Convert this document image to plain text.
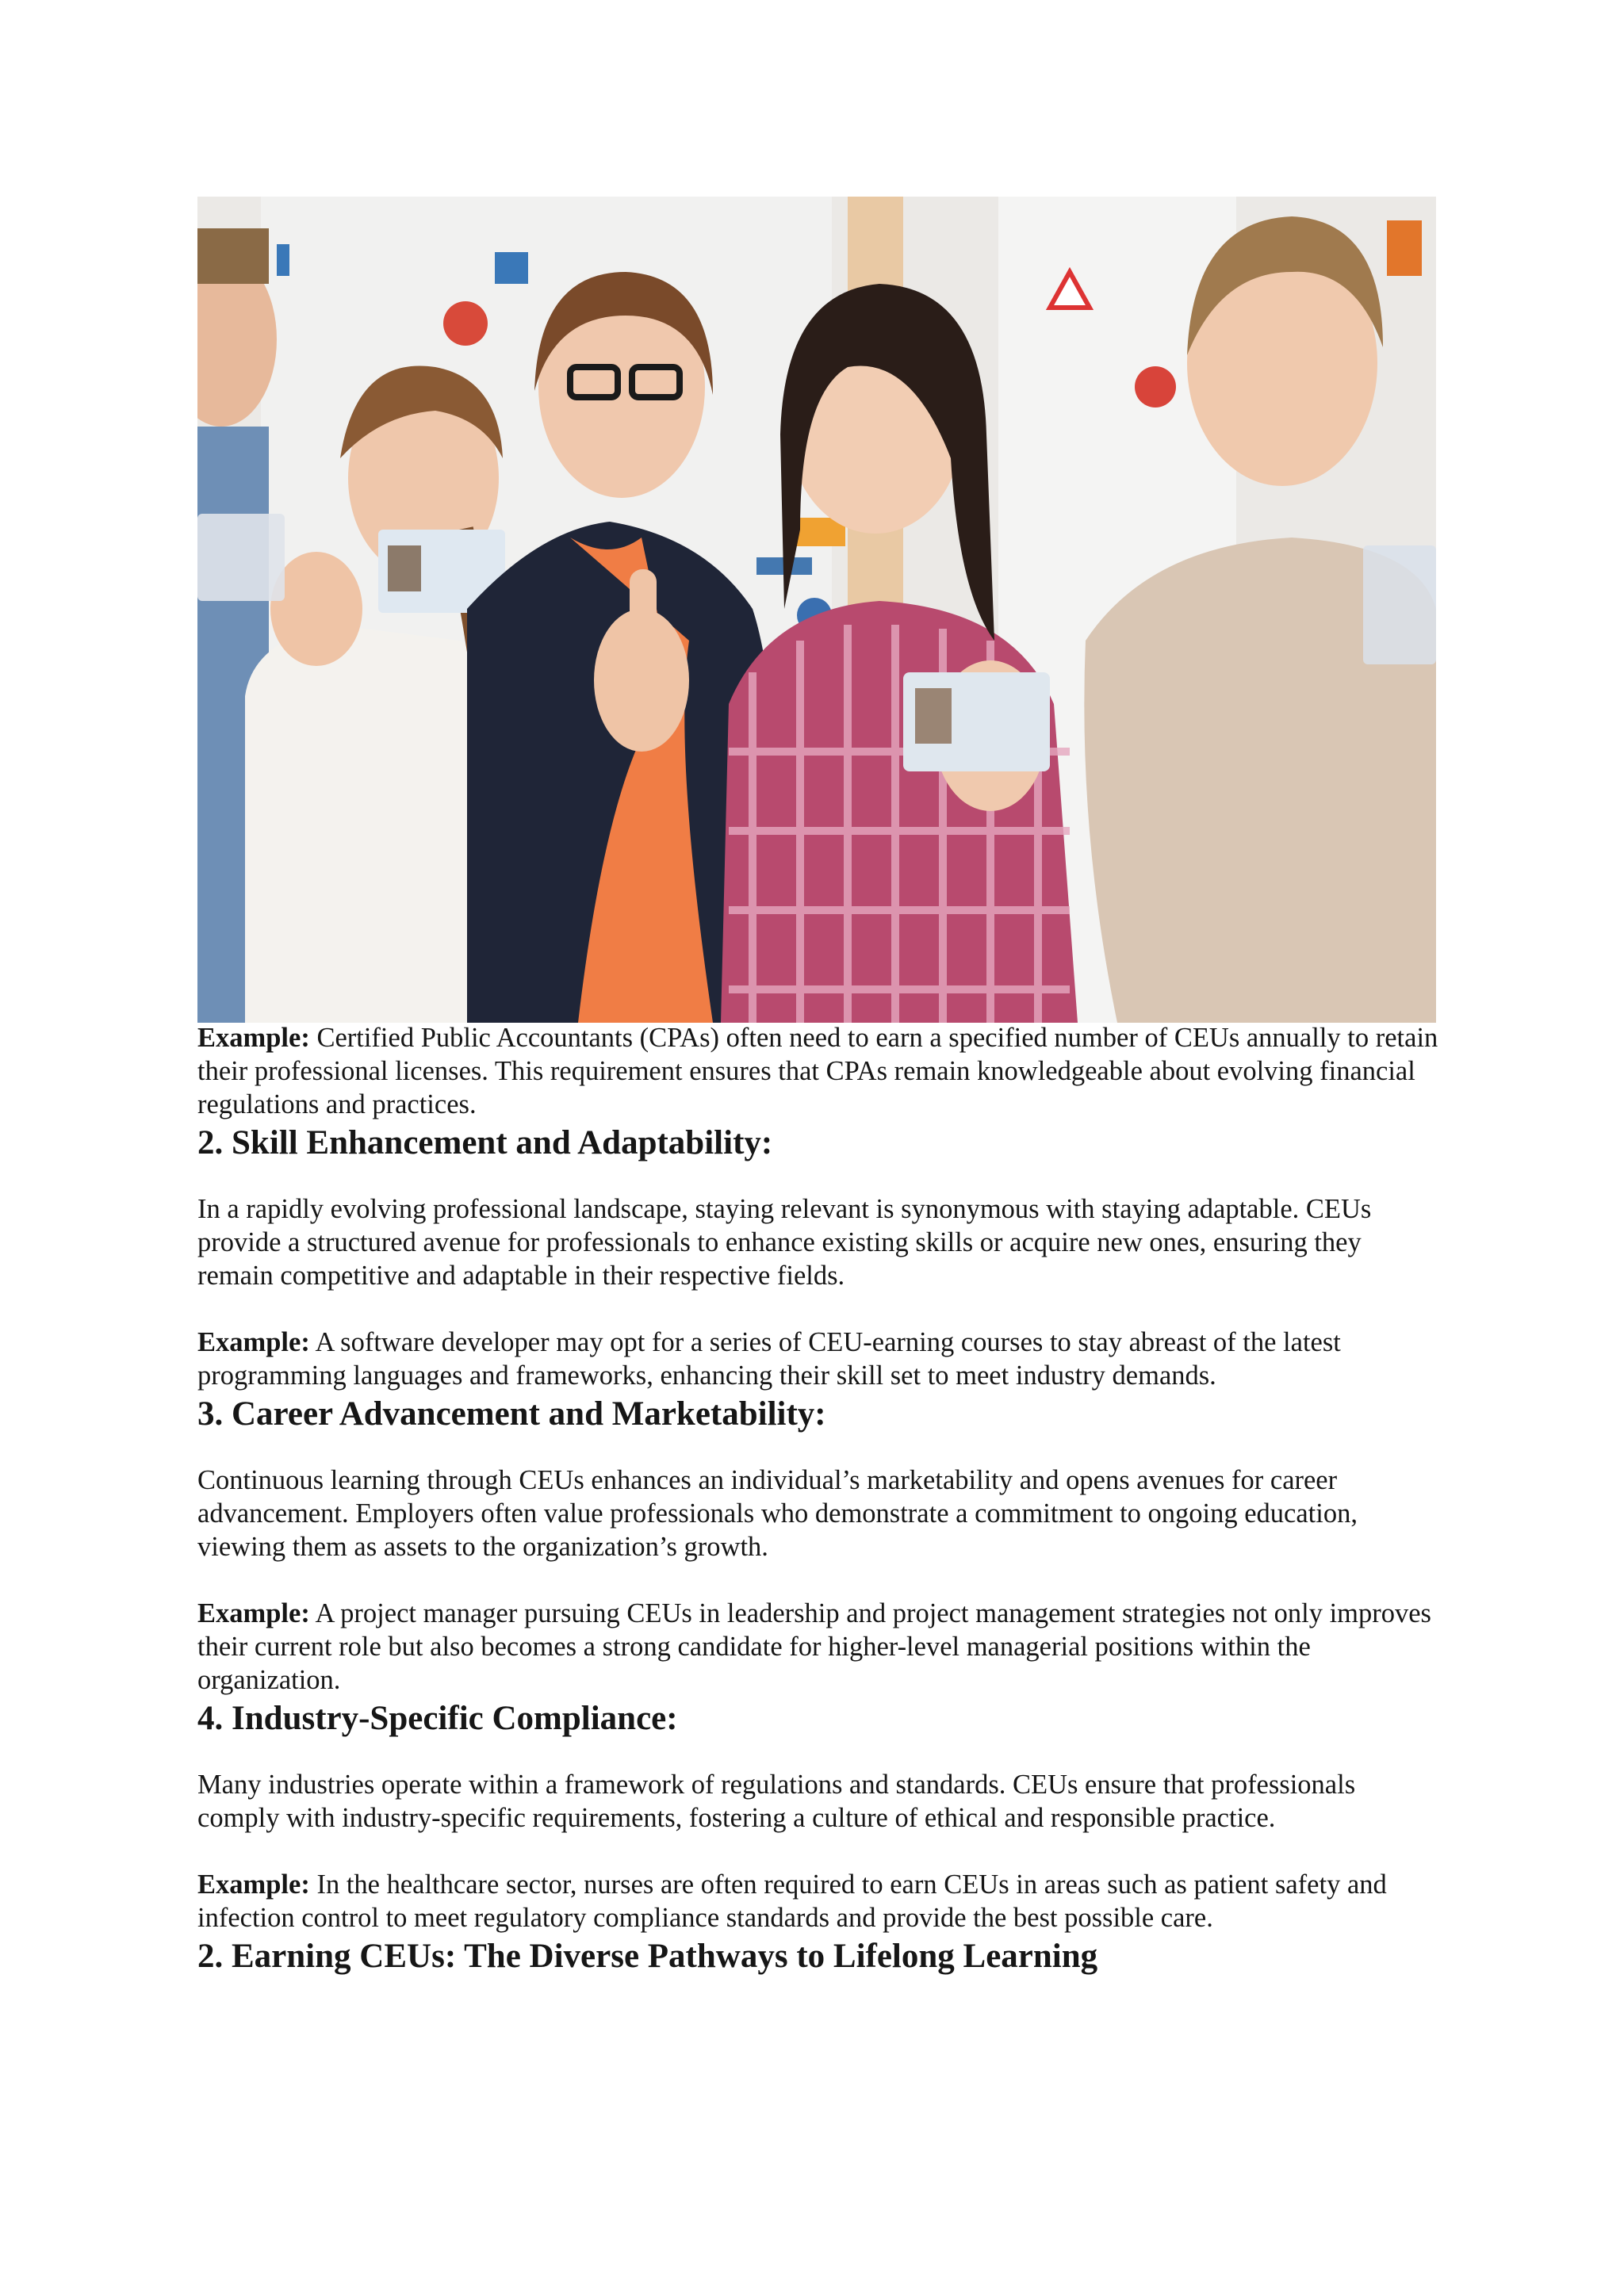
Example: Certified Public Accountants (CPAs) often need to earn a specified number of CEUs annually to retain their professional licenses. This requirement ensures that CPAs remain knowledgeable about evolving financial regulations and practices.

2. Skill Enhancement and Adaptability:

In a rapidly evolving professional landscape, staying relevant is synonymous with staying adaptable. CEUs provide a structured avenue for professionals to enhance existing skills or acquire new ones, ensuring they remain competitive and adaptable in their respective fields.

Example: A software developer may opt for a series of CEU-earning courses to stay abreast of the latest programming languages and frameworks, enhancing their skill set to meet industry demands.

3. Career Advancement and Marketability:

Continuous learning through CEUs enhances an individual’s marketability and opens avenues for career advancement. Employers often value professionals who demonstrate a commitment to ongoing education, viewing them as assets to the organization’s growth.

Example: A project manager pursuing CEUs in leadership and project management strategies not only improves their current role but also becomes a strong candidate for higher-level managerial positions within the organization.

4. Industry-Specific Compliance:

Many industries operate within a framework of regulations and standards. CEUs ensure that professionals comply with industry-specific requirements, fostering a culture of ethical and responsible practice.

Example: In the healthcare sector, nurses are often required to earn CEUs in areas such as patient safety and infection control to meet regulatory compliance standards and provide the best possible care.

2. Earning CEUs: The Diverse Pathways to Lifelong Learning
